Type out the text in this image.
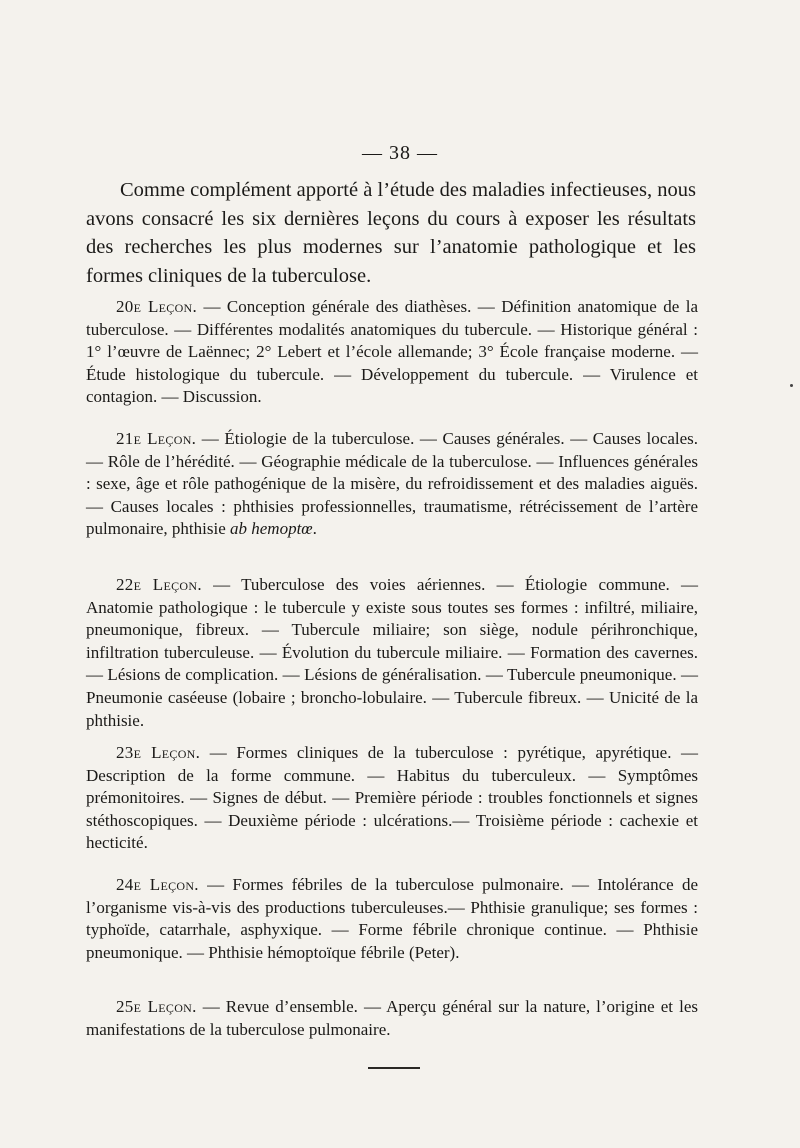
— 38 —

Comme complément apporté à l’étude des maladies infectieuses, nous avons consacré les six dernières leçons du cours à exposer les résultats des recherches les plus modernes sur l’anatomie pathologique et les formes cliniques de la tuberculose.

20e Leçon. — Conception générale des diathèses. — Définition anatomique de la tuberculose. — Différentes modalités anatomiques du tubercule. — Historique général : 1° l’œuvre de Laënnec; 2° Lebert et l’école allemande; 3° École française moderne. — Étude histologique du tubercule. — Développement du tubercule. — Virulence et contagion. — Discussion.

21e Leçon. — Étiologie de la tuberculose. — Causes générales. — Causes locales. — Rôle de l’hérédité. — Géographie médicale de la tuberculose. — Influences générales : sexe, âge et rôle pathogénique de la misère, du refroidissement et des maladies aiguës. — Causes locales : phthisies professionnelles, traumatisme, rétrécissement de l’artère pulmonaire, phthisie ab hemoptœ.

22e Leçon. — Tuberculose des voies aériennes. — Étiologie commune. — Anatomie pathologique : le tubercule y existe sous toutes ses formes : infiltré, miliaire, pneumonique, fibreux. — Tubercule miliaire; son siège, nodule périhronchique, infiltration tuberculeuse. — Évolution du tubercule miliaire. — Formation des cavernes. — Lésions de complication. — Lésions de généralisation. — Tubercule pneumonique. — Pneumonie caséeuse (lobaire ; broncho-lobulaire. — Tubercule fibreux. — Unicité de la phthisie.

23e Leçon. — Formes cliniques de la tuberculose : pyrétique, apyrétique. — Description de la forme commune. — Habitus du tuberculeux. — Symptômes prémonitoires. — Signes de début. — Première période : troubles fonctionnels et signes stéthoscopiques. — Deuxième période : ulcérations.— Troisième période : cachexie et hecticité.

24e Leçon. — Formes fébriles de la tuberculose pulmonaire. — Intolérance de l’organisme vis-à-vis des productions tuberculeuses.— Phthisie granulique; ses formes : typhoïde, catarrhale, asphyxique. — Forme fébrile chronique continue. — Phthisie pneumonique. — Phthisie hémoptoïque fébrile (Peter).

25e Leçon. — Revue d’ensemble. — Aperçu général sur la nature, l’origine et les manifestations de la tuberculose pulmonaire.
